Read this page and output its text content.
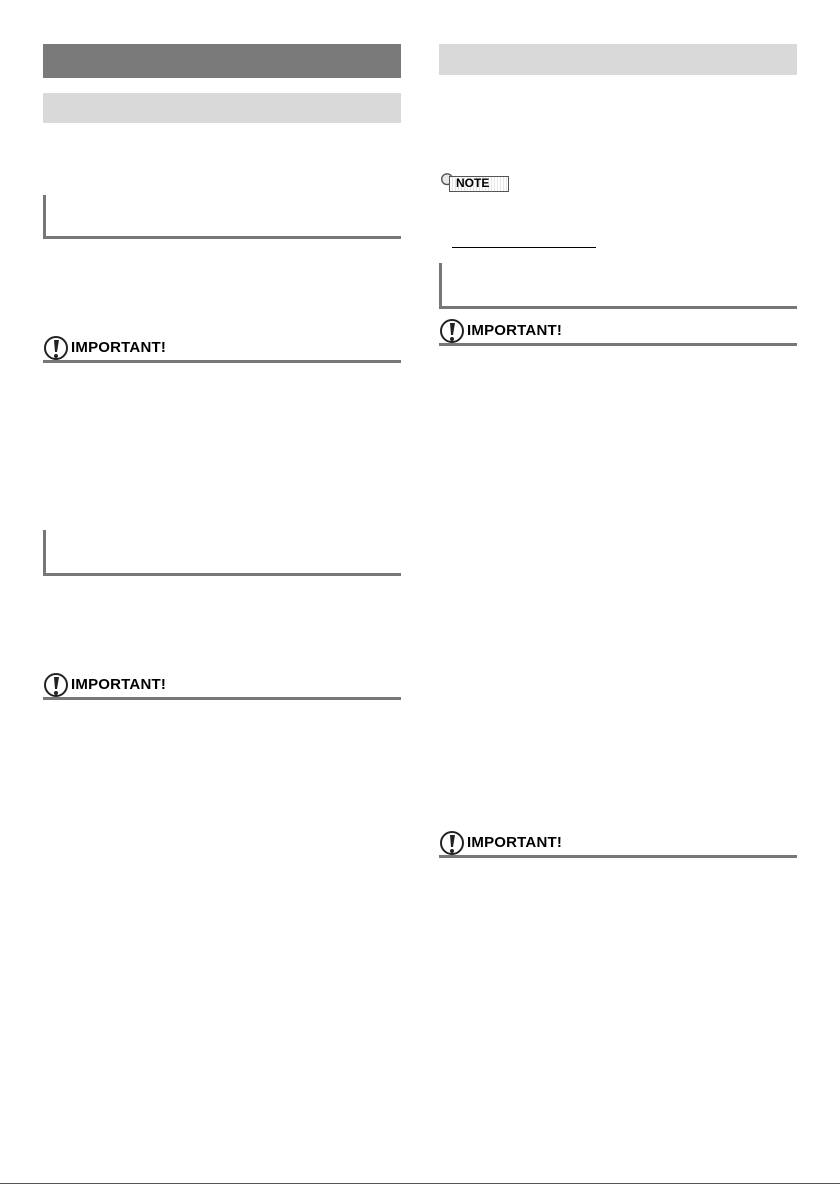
IMPORTANT!
IMPORTANT!
NOTE
IMPORTANT!
IMPORTANT!
